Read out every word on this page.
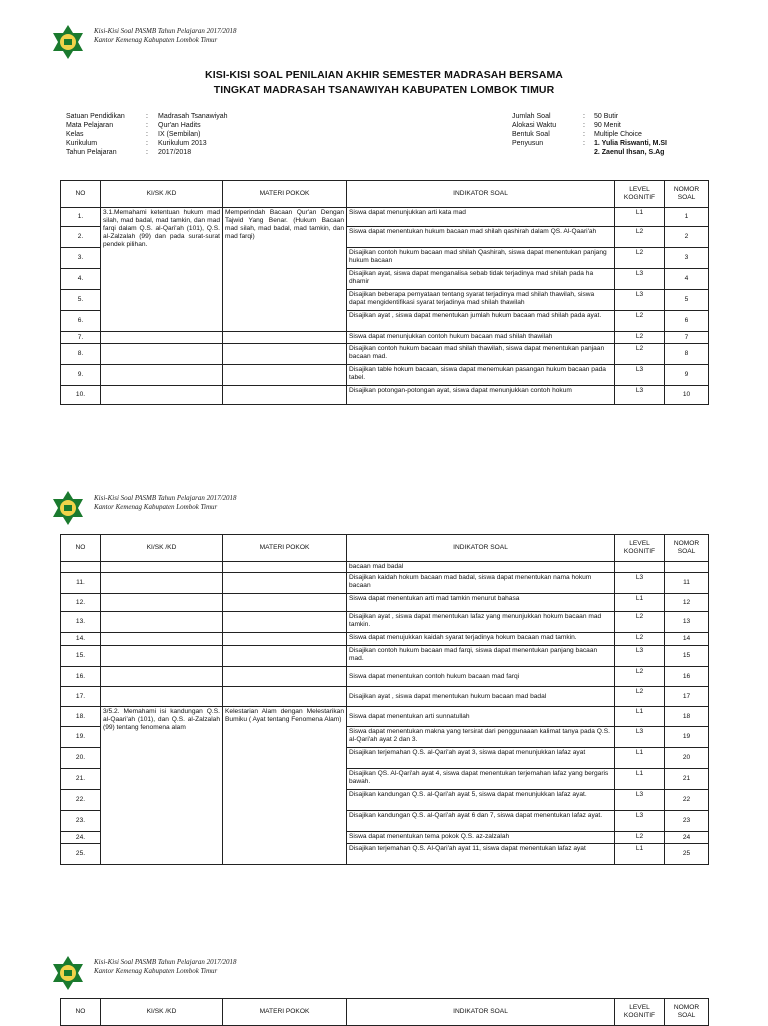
Kisi-Kisi Soal PASMB Tahun Pelajaran 2017/2018
Kantor Kemenag Kabupaten Lombok Timur
KISI-KISI SOAL PENILAIAN AKHIR SEMESTER MADRASAH BERSAMA
TINGKAT MADRASAH TSANAWIYAH KABUPATEN LOMBOK TIMUR
Satuan Pendidikan	: Madrasah Tsanawiyah
Mata Pelajaran	: Qur'an Hadits
Kelas	: IX (Sembilan)
Kurikulum	: Kurikulum 2013
Tahun Pelajaran	: 2017/2018
Jumlah Soal	: 50 Butir
Alokasi Waktu	: 90 Menit
Bentuk Soal	: Multiple Choice
Penyusun	: 1. Yulia Riswanti, M.SI
2. Zaenul Ihsan, S.Ag
NO	KI/SK /KD	MATERI POKOK	INDIKATOR SOAL	LEVEL KOGNITIF	NOMOR SOAL
1.	3.1.Memahami ketentuan hukum mad silah, mad badal, mad tamkin, dan mad farqi dalam Q.S. al-Qari'ah (101), Q.S. al-Zalzalah (99) dan pada surat-surat pendek pilihan.	Memperindah Bacaan Qur'an Dengan Tajwid Yang Benar. (Hukum Bacaan mad silah, mad badal, mad tamkin, dan mad farqi)	Siswa dapat menunjukkan arti kata mad	L1	1
2.			Siswa dapat menentukan hukum bacaan mad shilah qashirah dalam QS. Al-Qaari'ah	L2	2
3.			Disajikan contoh hukum bacaan mad shilah Qashirah, siswa dapat menentukan panjang hukum bacaan	L2	3
4.			Disajikan ayat, siswa dapat menganalisa sebab tidak terjadinya mad shilah pada ha dhamir	L3	4
5.			Disajikan beberapa pernyataan tentang syarat terjadinya mad shilah thawilah, siswa dapat mengidentifikasi syarat terjadinya mad shilah thawilah	L3	5
6.			Disajikan ayat , siswa dapat menentukan jumlah hukum bacaan mad shilah pada ayat.	L2	6
7.			Siswa dapat menunjukkan contoh hukum bacaan mad shilah thawilah	L2	7
8.			Disajikan contoh hukum bacaan mad shilah thawilah, siswa dapat menentukan panjaan bacaan mad.	L2	8
9.			Disajikan table hokum bacaan, siswa dapat menemukan pasangan hukum bacaan pada tabel.	L3	9
10.			Disajikan potongan-potongan ayat, siswa dapat menunjukkan contoh hokum	L3	10
Kisi-Kisi Soal PASMB Tahun Pelajaran 2017/2018
Kantor Kemenag Kabupaten Lombok Timur
NO	KI/SK /KD	MATERI POKOK	INDIKATOR SOAL	LEVEL KOGNITIF	NOMOR SOAL
			bacaan mad badal		
11.			Disajikan kaidah hokum bacaan mad badal, siswa dapat menentukan nama hokum bacaan	L3	11
12.			Siswa dapat menentukan arti mad tamkin menurut bahasa	L1	12
13.			Disajikan ayat , siswa dapat menentukan lafaz yang menunjukkan hokum bacaan mad tamkin.	L2	13
14.			Siswa dapat menujukkan kaidah syarat terjadinya hokum bacaan mad tamkin.	L2	14
15.			Disajikan contoh hukum bacaan mad farqi, siswa dapat menentukan panjang bacaan mad.	L3	15
16.			Siswa dapat menentukan contoh hukum bacaan mad farqi	L2	16
17.			Disajikan ayat , siswa dapat menentukan hukum bacaan mad badal	L2	17
18.	3/5.2. Memahami isi kandungan Q.S. al-Qaari'ah (101), dan Q.S. al-Zalzalah (99) tentang fenomena alam	Kelestarian Alam dengan Melestarikan Bumiku ( Ayat tentang Fenomena Alam)	Siswa dapat menentukan arti sunnatullah	L1	18
19.			Siswa dapat menentukan makna yang tersirat dari penggunaaan kalimat tanya pada Q.S. al-Qari'ah ayat 2 dan 3.	L3	19
20.			Disajikan terjemahan Q.S. al-Qari'ah ayat 3, siswa dapat menunjukkan lafaz ayat	L1	20
21.			Disajikan QS. Al-Qari'ah ayat 4, siswa dapat menentukan terjemahan lafaz yang bergaris bawah.	L1	21
22.			Disajikan kandungan Q.S. al-Qari'ah ayat 5, siswa dapat menunjukkan lafaz ayat.	L3	22
23.			Disajikan kandungan Q.S. al-Qari'ah ayat 6 dan 7, siswa dapat menentukan lafaz ayat.	L3	23
24.			Siswa dapat menentukan tema pokok Q.S. az-zalzalah	L2	24
25.			Disajikan terjemahan Q.S. Al-Qari'ah ayat 11, siswa dapat menentukan lafaz ayat	L1	25
Kisi-Kisi Soal PASMB Tahun Pelajaran 2017/2018
Kantor Kemenag Kabupaten Lombok Timur
NO	KI/SK /KD	MATERI POKOK	INDIKATOR SOAL	LEVEL KOGNITIF	NOMOR SOAL
